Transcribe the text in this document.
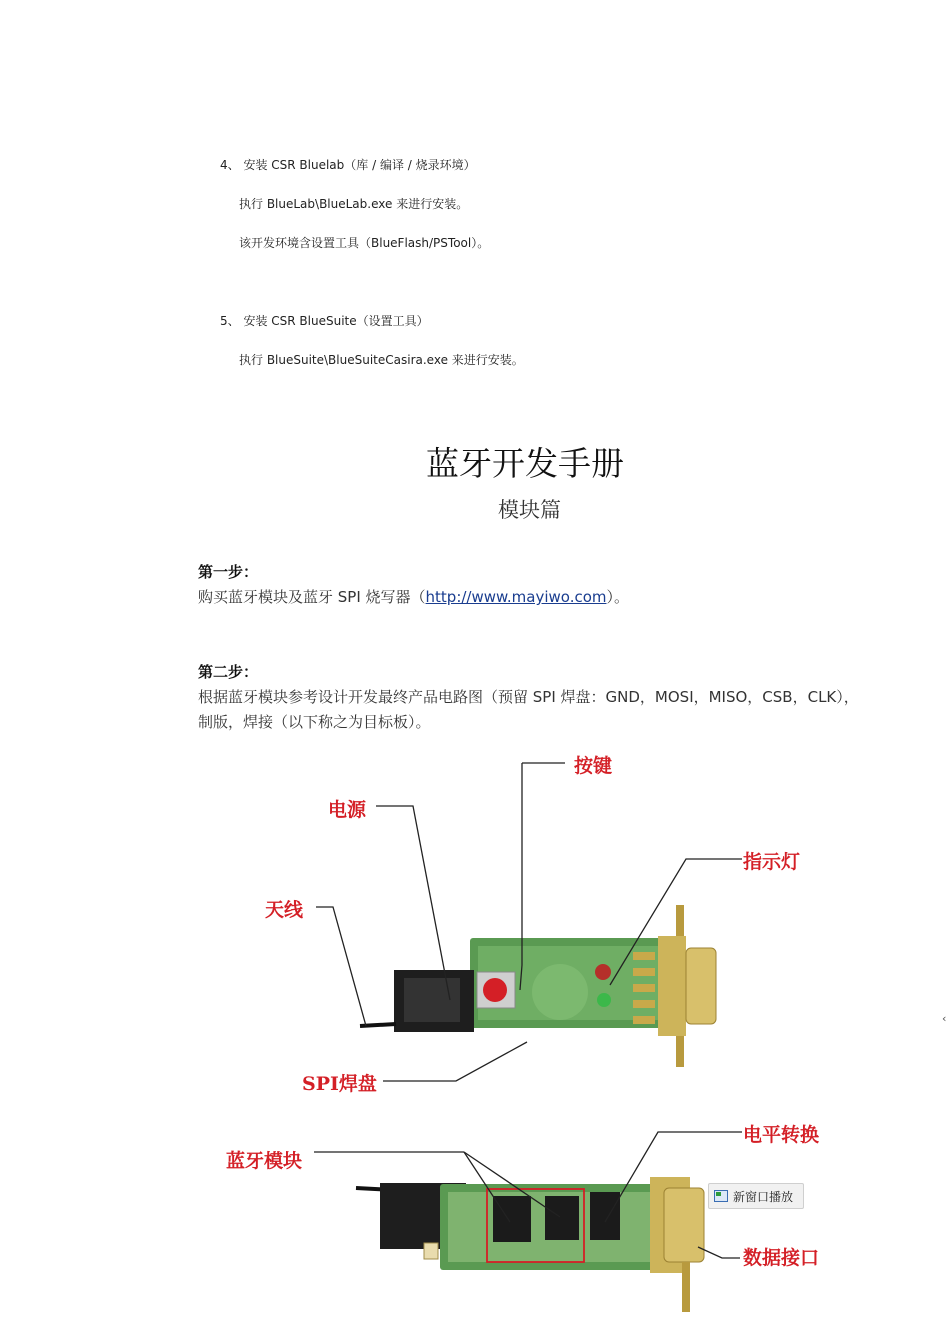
4、 安装 CSR Bluelab（库 / 编译 / 烧录环境）
执行 BlueLab\BlueLab.exe 来进行安装。
该开发环境含设置工具（BlueFlash/PSTool）。
5、 安装 CSR BlueSuite（设置工具）
执行 BlueSuite\BlueSuiteCasira.exe 来进行安装。
蓝牙开发手册
模块篇
第一步：
购买蓝牙模块及蓝牙 SPI 烧写器（http://www.mayiwo.com）。
第二步：
根据蓝牙模块参考设计开发最终产品电路图（预留 SPI 焊盘：GND，MOSI，MISO，CSB，CLK），
制版，焊接（以下称之为目标板）。
按键
电源
指示灯
天线
SPI焊盘
蓝牙模块
电平转换
数据接口
新窗口播放
‹
